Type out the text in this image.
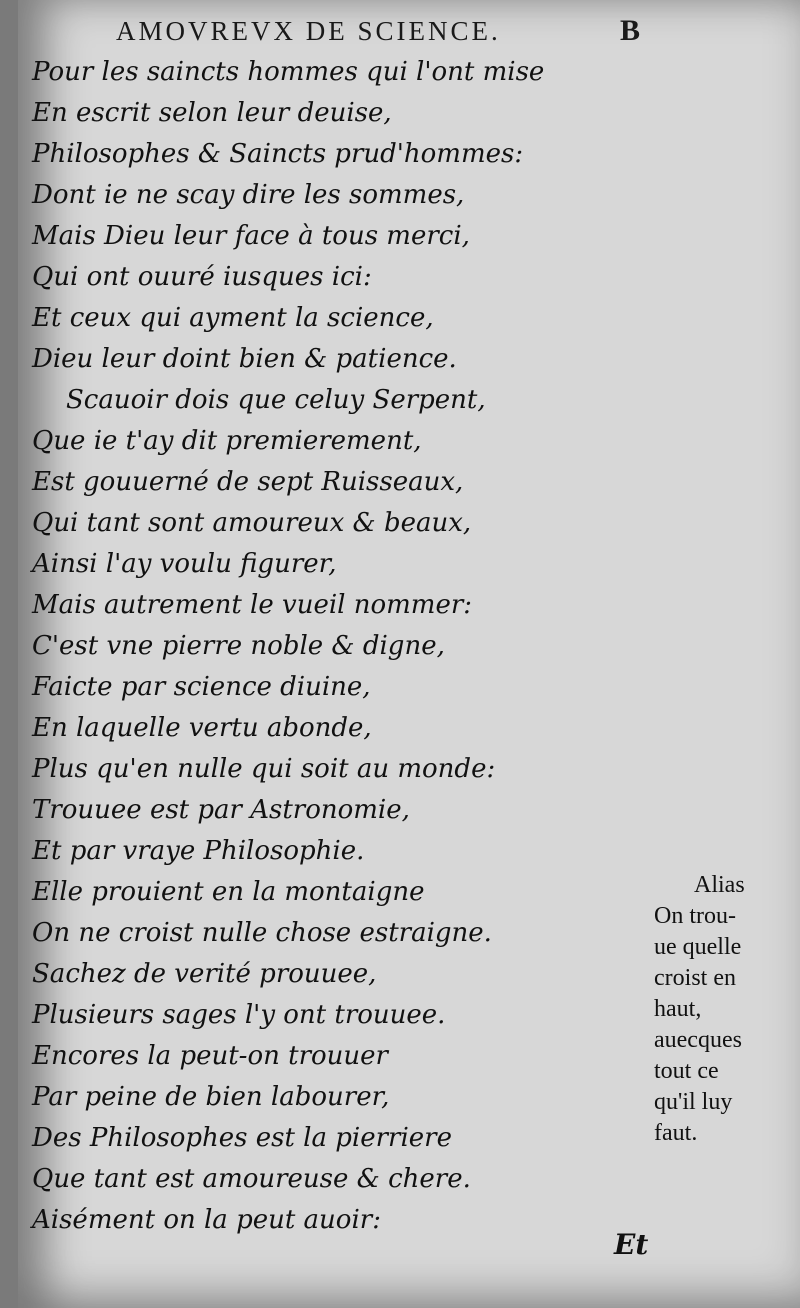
AMOVREVX DE SCIENCE.	B
Pour les saincts hommes qui l'ont mise
En escrit selon leur deuise,
Philosophes & Saincts prud'hommes:
Dont ie ne scay dire les sommes,
Mais Dieu leur face à tous merci,
Qui ont ouuré iusques ici:
Et ceux qui ayment la science,
Dieu leur doint bien & patience.
Scauoir dois que celuy Serpent,
Que ie t'ay dit premierement,
Est gouuerné de sept Ruisseaux,
Qui tant sont amoureux & beaux,
Ainsi l'ay voulu figurer,
Mais autrement le vueil nommer:
C'est vne pierre noble & digne,
Faicte par science diuine,
En laquelle vertu abonde,
Plus qu'en nulle qui soit au monde:
Trouuee est par Astronomie,
Et par vraye Philosophie.
Elle prouient en la montaigne
On ne croist nulle chose estraigne.
Sachez de verité prouuee,
Plusieurs sages l'y ont trouuee.
Encores la peut-on trouuer
Par peine de bien labourer,
Des Philosophes est la pierriere
Que tant est amoureuse & chere.
Aisément on la peut auoir:
Alias
On trou-
ue quelle
croist en
haut,
auecques
tout ce
qu'il luy
faut.
Et
